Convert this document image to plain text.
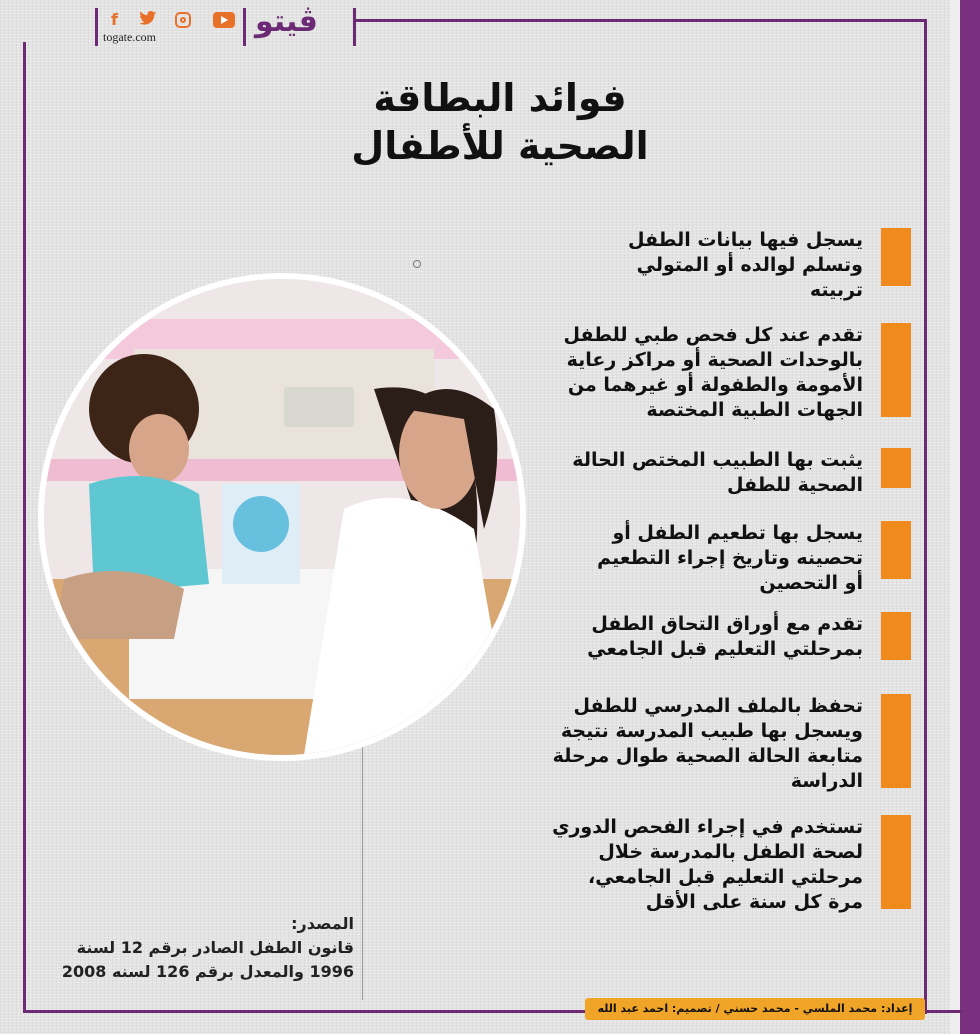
f
togate.com	ڤيتو
فوائد البطاقة
الصحية للأطفال
يسجل فيها بيانات الطفل
وتسلم لوالده أو المتولي
تربيته
تقدم عند كل فحص طبي للطفل
بالوحدات الصحية أو مراكز رعاية
الأمومة والطفولة أو غيرهما من
الجهات الطبية المختصة
يثبت بها الطبيب المختص الحالة
الصحية للطفل
يسجل بها تطعيم الطفل أو
تحصينه وتاريخ إجراء التطعيم
أو التحصين
تقدم مع أوراق التحاق الطفل
بمرحلتي التعليم قبل الجامعي
تحفظ بالملف المدرسي للطفل
ويسجل بها طبيب المدرسة نتيجة
متابعة الحالة الصحية طوال مرحلة
الدراسة
تستخدم في إجراء الفحص الدوري
لصحة الطفل بالمدرسة خلال
مرحلتي التعليم قبل الجامعي،
مرة كل سنة على الأقل
المصدر:
قانون الطفل الصادر برقم 12 لسنة
1996 والمعدل برقم 126 لسنه 2008
إعداد: محمد الملسي - محمد حسني / تصميم: احمد عبد الله
